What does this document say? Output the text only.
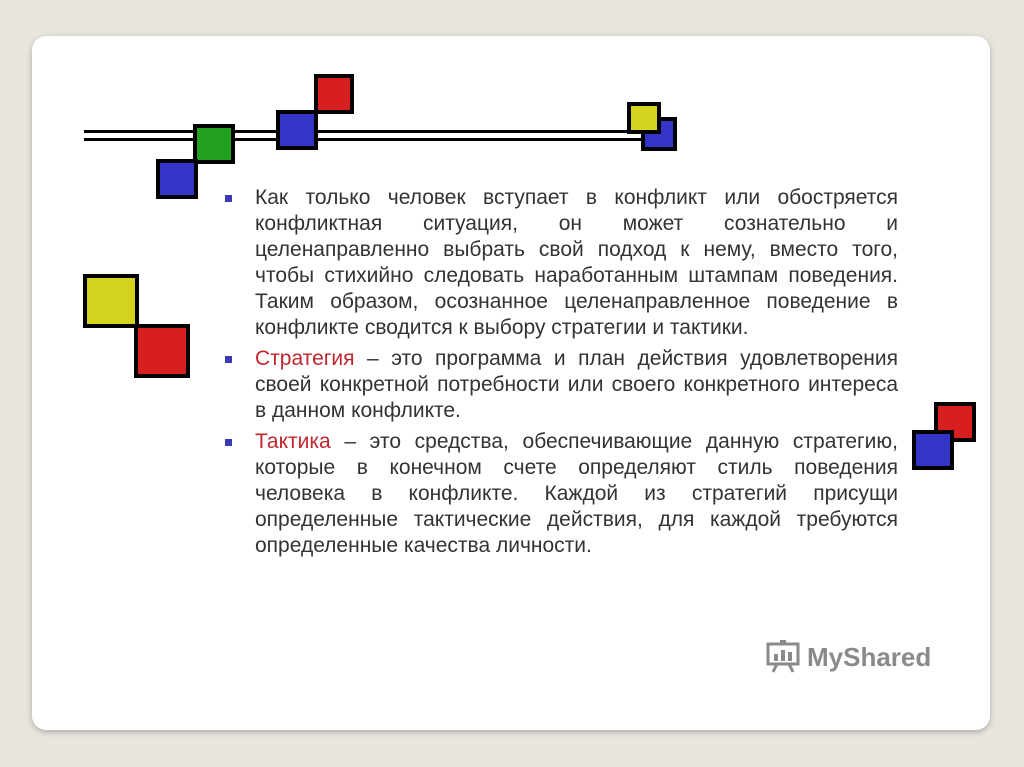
Как только человек вступает в конфликт или обостряется конфликтная ситуация, он может сознательно и целенаправленно выбрать свой подход к нему, вместо того, чтобы стихийно следовать наработанным штампам поведения. Таким образом, осознанное целенаправленное поведение в конфликте сводится к выбору стратегии и тактики.

Стратегия – это программа и план действия удовлетворения своей конкретной потребности или своего конкретного интереса в данном конфликте.

Тактика – это средства, обеспечивающие данную стратегию, которые в конечном счете определяют стиль поведения человека в конфликте. Каждой из стратегий присущи определенные тактические действия, для каждой требуются определенные качества личности.

MyShared
